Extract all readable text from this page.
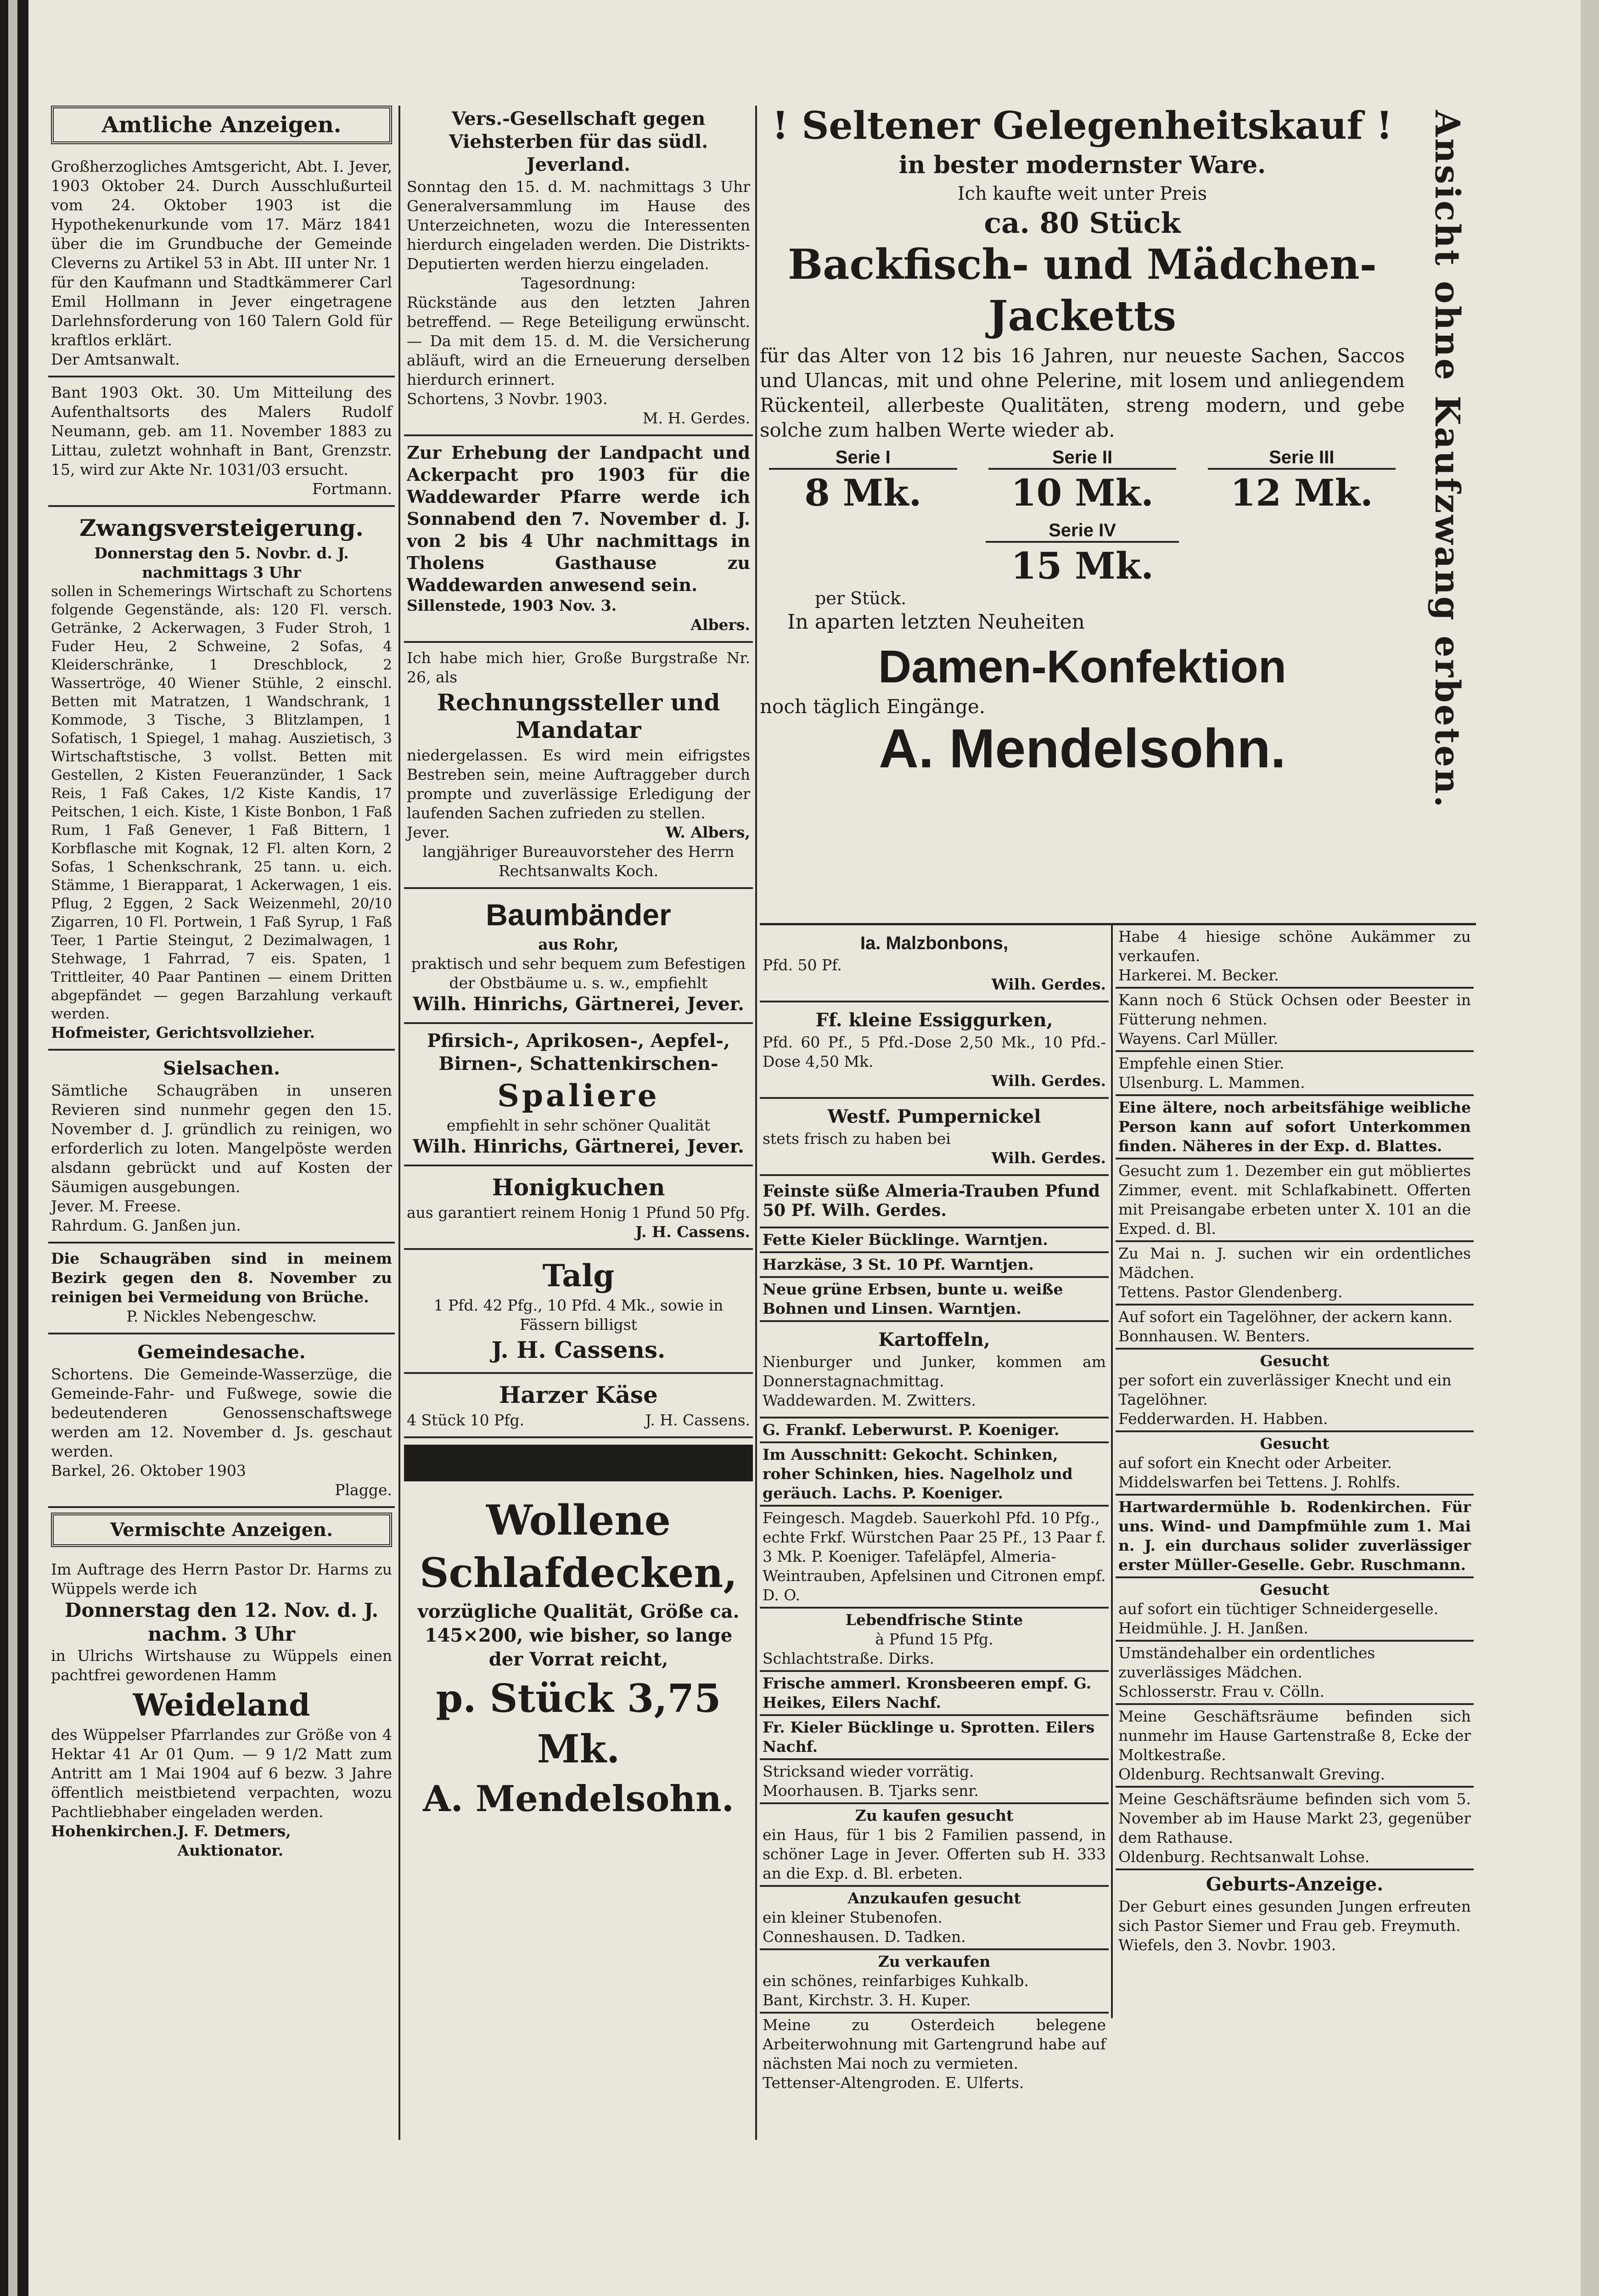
Amtliche Anzeigen.

Großherzogliches Amtsgericht, Abt. I. Jever, 1903 Oktober 24. Durch Ausschlußurteil vom 24. Oktober 1903 ist die Hypothekenurkunde vom 17. März 1841 über die im Grundbuche der Gemeinde Cleverns zu Artikel 53 in Abt. III unter Nr. 1 für den Kaufmann und Stadtkämmerer Carl Emil Hollmann in Jever eingetragene Darlehnsforderung von 160 Talern Gold für kraftlos erklärt.

Der Amtsanwalt.

Bant 1903 Okt. 30. Um Mitteilung des Aufenthaltsorts des Malers Rudolf Neumann, geb. am 11. November 1883 zu Littau, zuletzt wohnhaft in Bant, Grenzstr. 15, wird zur Akte Nr. 1031/03 ersucht.

Fortmann.

Zwangsversteigerung.

Donnerstag den 5. Novbr. d. J. nachmittags 3 Uhr

sollen in Schemerings Wirtschaft zu Schortens folgende Gegenstände, als: 120 Fl. versch. Getränke, 2 Ackerwagen, 3 Fuder Stroh, 1 Fuder Heu, 2 Schweine, 2 Sofas, 4 Kleiderschränke, 1 Dreschblock, 2 Wassertröge, 40 Wiener Stühle, 2 einschl. Betten mit Matratzen, 1 Wandschrank, 1 Kommode, 3 Tische, 3 Blitzlampen, 1 Sofatisch, 1 Spiegel, 1 mahag. Auszietisch, 3 Wirtschaftstische, 3 vollst. Betten mit Gestellen, 2 Kisten Feueranzünder, 1 Sack Reis, 1 Faß Cakes, 1/2 Kiste Kandis, 17 Peitschen, 1 eich. Kiste, 1 Kiste Bonbon, 1 Faß Rum, 1 Faß Genever, 1 Faß Bittern, 1 Korbflasche mit Kognak, 12 Fl. alten Korn, 2 Sofas, 1 Schenkschrank, 25 tann. u. eich. Stämme, 1 Bierapparat, 1 Ackerwagen, 1 eis. Pflug, 2 Eggen, 2 Sack Weizenmehl, 20/10 Zigarren, 10 Fl. Portwein, 1 Faß Syrup, 1 Faß Teer, 1 Partie Steingut, 2 Dezimalwagen, 1 Stehwage, 1 Fahrrad, 7 eis. Spaten, 1 Trittleiter, 40 Paar Pantinen — einem Dritten abgepfändet — gegen Barzahlung verkauft werden.

Hofmeister, Gerichtsvollzieher.

Sielsachen.

Sämtliche Schaugräben in unseren Revieren sind nunmehr gegen den 15. November d. J. gründlich zu reinigen, wo erforderlich zu loten. Mangelpöste werden alsdann gebrückt und auf Kosten der Säumigen ausgebungen.

Jever. M. Freese.

Rahrdum. G. Janßen jun.

Die Schaugräben sind in meinem Bezirk gegen den 8. November zu reinigen bei Vermeidung von Brüche.

P. Nickles Nebengeschw.

Gemeindesache.

Schortens. Die Gemeinde-Wasserzüge, die Gemeinde-Fahr- und Fußwege, sowie die bedeutenderen Genossenschaftswege werden am 12. November d. Js. geschaut werden.

Barkel, 26. Oktober 1903

Plagge.

Vermischte Anzeigen.

Im Auftrage des Herrn Pastor Dr. Harms zu Wüppels werde ich

Donnerstag den 12. Nov. d. J. nachm. 3 Uhr

in Ulrichs Wirtshause zu Wüppels einen pachtfrei gewordenen Hamm

Weideland

des Wüppelser Pfarrlandes zur Größe von 4 Hektar 41 Ar 01 Qum. — 9 1/2 Matt zum Antritt am 1 Mai 1904 auf 6 bezw. 3 Jahre öffentlich meistbietend verpachten, wozu Pachtliebhaber eingeladen werden.

Hohenkirchen. J. F. Detmers, Auktionator.

Vers.-Gesellschaft gegen Viehsterben für das südl. Jeverland.

Sonntag den 15. d. M. nachmittags 3 Uhr Generalversammlung im Hause des Unterzeichneten, wozu die Interessenten hierdurch eingeladen werden. Die Distrikts-Deputierten werden hierzu eingeladen.

Tagesordnung:

Rückstände aus den letzten Jahren betreffend. — Rege Beteiligung erwünscht. — Da mit dem 15. d. M. die Versicherung abläuft, wird an die Erneuerung derselben hierdurch erinnert.

Schortens, 3 Novbr. 1903.

M. H. Gerdes.

Zur Erhebung der Landpacht und Ackerpacht pro 1903 für die Waddewarder Pfarre werde ich Sonnabend den 7. November d. J. von 2 bis 4 Uhr nachmittags in Tholens Gasthause zu Waddewarden anwesend sein.

Sillenstede, 1903 Nov. 3.

Albers.

Ich habe mich hier, Große Burgstraße Nr. 26, als

Rechnungssteller und Mandatar

niedergelassen. Es wird mein eifrigstes Bestreben sein, meine Auftraggeber durch prompte und zuverlässige Erledigung der laufenden Sachen zufrieden zu stellen.

Jever.	W. Albers,

langjähriger Bureauvorsteher des Herrn Rechtsanwalts Koch.

Baumbänder

aus Rohr,

praktisch und sehr bequem zum Befestigen der Obstbäume u. s. w., empfiehlt

Wilh. Hinrichs, Gärtnerei, Jever.

Pfirsich-, Aprikosen-, Aepfel-, Birnen-, Schattenkirschen-

Spaliere

empfiehlt in sehr schöner Qualität

Wilh. Hinrichs, Gärtnerei, Jever.

Honigkuchen

aus garantiert reinem Honig 1 Pfund 50 Pfg.

J. H. Cassens.

Talg

1 Pfd. 42 Pfg., 10 Pfd. 4 Mk., sowie in Fässern billigst

J. H. Cassens.

Harzer Käse

4 Stück 10 Pfg.	J. H. Cassens.

Wollene

Schlafdecken,

vorzügliche Qualität, Größe ca. 145×200, wie bisher, so lange der Vorrat reicht,

p. Stück 3,75 Mk.

A. Mendelsohn.

! Seltener Gelegenheitskauf !

in bester modernster Ware.

Ich kaufte weit unter Preis

ca. 80 Stück

Backfisch- und Mädchen-Jacketts

für das Alter von 12 bis 16 Jahren, nur neueste Sachen, Saccos und Ulancas, mit und ohne Pelerine, mit losem und anliegendem Rückenteil, allerbeste Qualitäten, streng modern, und gebe solche zum halben Werte wieder ab.

Serie I
8 Mk.
Serie II
10 Mk.
Serie III
12 Mk.
Serie IV
15 Mk.

per Stück.

In aparten letzten Neuheiten

Damen-Konfektion

noch täglich Eingänge.

A. Mendelsohn.	Ansicht ohne Kaufzwang erbeten.

Ia. Malzbonbons,

Pfd. 50 Pf.

Wilh. Gerdes.

Ff. kleine Essiggurken,

Pfd. 60 Pf., 5 Pfd.-Dose 2,50 Mk., 10 Pfd.-Dose 4,50 Mk.

Wilh. Gerdes.

Westf. Pumpernickel

stets frisch zu haben bei

Wilh. Gerdes.

Feinste süße Almeria-Trauben Pfund 50 Pf. Wilh. Gerdes.

Fette Kieler Bücklinge. Warntjen.

Harzkäse, 3 St. 10 Pf. Warntjen.

Neue grüne Erbsen, bunte u. weiße Bohnen und Linsen. Warntjen.

Kartoffeln,

Nienburger und Junker, kommen am Donnerstagnachmittag.

Waddewarden. M. Zwitters.

G. Frankf. Leberwurst. P. Koeniger.

Im Ausschnitt: Gekocht. Schinken, roher Schinken, hies. Nagelholz und geräuch. Lachs. P. Koeniger.

Feingesch. Magdeb. Sauerkohl Pfd. 10 Pfg., echte Frkf. Würstchen Paar 25 Pf., 13 Paar f. 3 Mk. P. Koeniger. Tafeläpfel, Almeria-Weintrauben, Apfelsinen und Citronen empf. D. O.

Lebendfrische Stinte

à Pfund 15 Pfg.

Schlachtstraße. Dirks.

Frische ammerl. Kronsbeeren empf. G. Heikes, Eilers Nachf.

Fr. Kieler Bücklinge u. Sprotten. Eilers Nachf.

Stricksand wieder vorrätig.

Moorhausen. B. Tjarks senr.

Zu kaufen gesucht

ein Haus, für 1 bis 2 Familien passend, in schöner Lage in Jever. Offerten sub H. 333 an die Exp. d. Bl. erbeten.

Anzukaufen gesucht

ein kleiner Stubenofen.

Conneshausen. D. Tadken.

Zu verkaufen

ein schönes, reinfarbiges Kuhkalb.

Bant, Kirchstr. 3. H. Kuper.

Meine zu Osterdeich belegene Arbeiterwohnung mit Gartengrund habe auf nächsten Mai noch zu vermieten.

Tettenser-Altengroden. E. Ulferts.

Habe 4 hiesige schöne Aukämmer zu verkaufen.

Harkerei. M. Becker.

Kann noch 6 Stück Ochsen oder Beester in Fütterung nehmen.

Wayens. Carl Müller.

Empfehle einen Stier.

Ulsenburg. L. Mammen.

Eine ältere, noch arbeitsfähige weibliche Person kann auf sofort Unterkommen finden. Näheres in der Exp. d. Blattes.

Gesucht zum 1. Dezember ein gut möbliertes Zimmer, event. mit Schlafkabinett. Offerten mit Preisangabe erbeten unter X. 101 an die Exped. d. Bl.

Zu Mai n. J. suchen wir ein ordentliches Mädchen.

Tettens. Pastor Glendenberg.

Auf sofort ein Tagelöhner, der ackern kann.

Bonnhausen. W. Benters.

Gesucht

per sofort ein zuverlässiger Knecht und ein Tagelöhner.

Fedderwarden. H. Habben.

Gesucht

auf sofort ein Knecht oder Arbeiter.

Middelswarfen bei Tettens. J. Rohlfs.

Hartwardermühle b. Rodenkirchen. Für uns. Wind- und Dampfmühle zum 1. Mai n. J. ein durchaus solider zuverlässiger erster Müller-Geselle. Gebr. Ruschmann.

Gesucht

auf sofort ein tüchtiger Schneidergeselle.

Heidmühle. J. H. Janßen.

Umständehalber ein ordentliches zuverlässiges Mädchen.

Schlosserstr. Frau v. Cölln.

Meine Geschäftsräume befinden sich nunmehr im Hause Gartenstraße 8, Ecke der Moltkestraße.

Oldenburg. Rechtsanwalt Greving.

Meine Geschäftsräume befinden sich vom 5. November ab im Hause Markt 23, gegenüber dem Rathause.

Oldenburg. Rechtsanwalt Lohse.

Geburts-Anzeige.

Der Geburt eines gesunden Jungen erfreuten sich Pastor Siemer und Frau geb. Freymuth.

Wiefels, den 3. Novbr. 1903.
